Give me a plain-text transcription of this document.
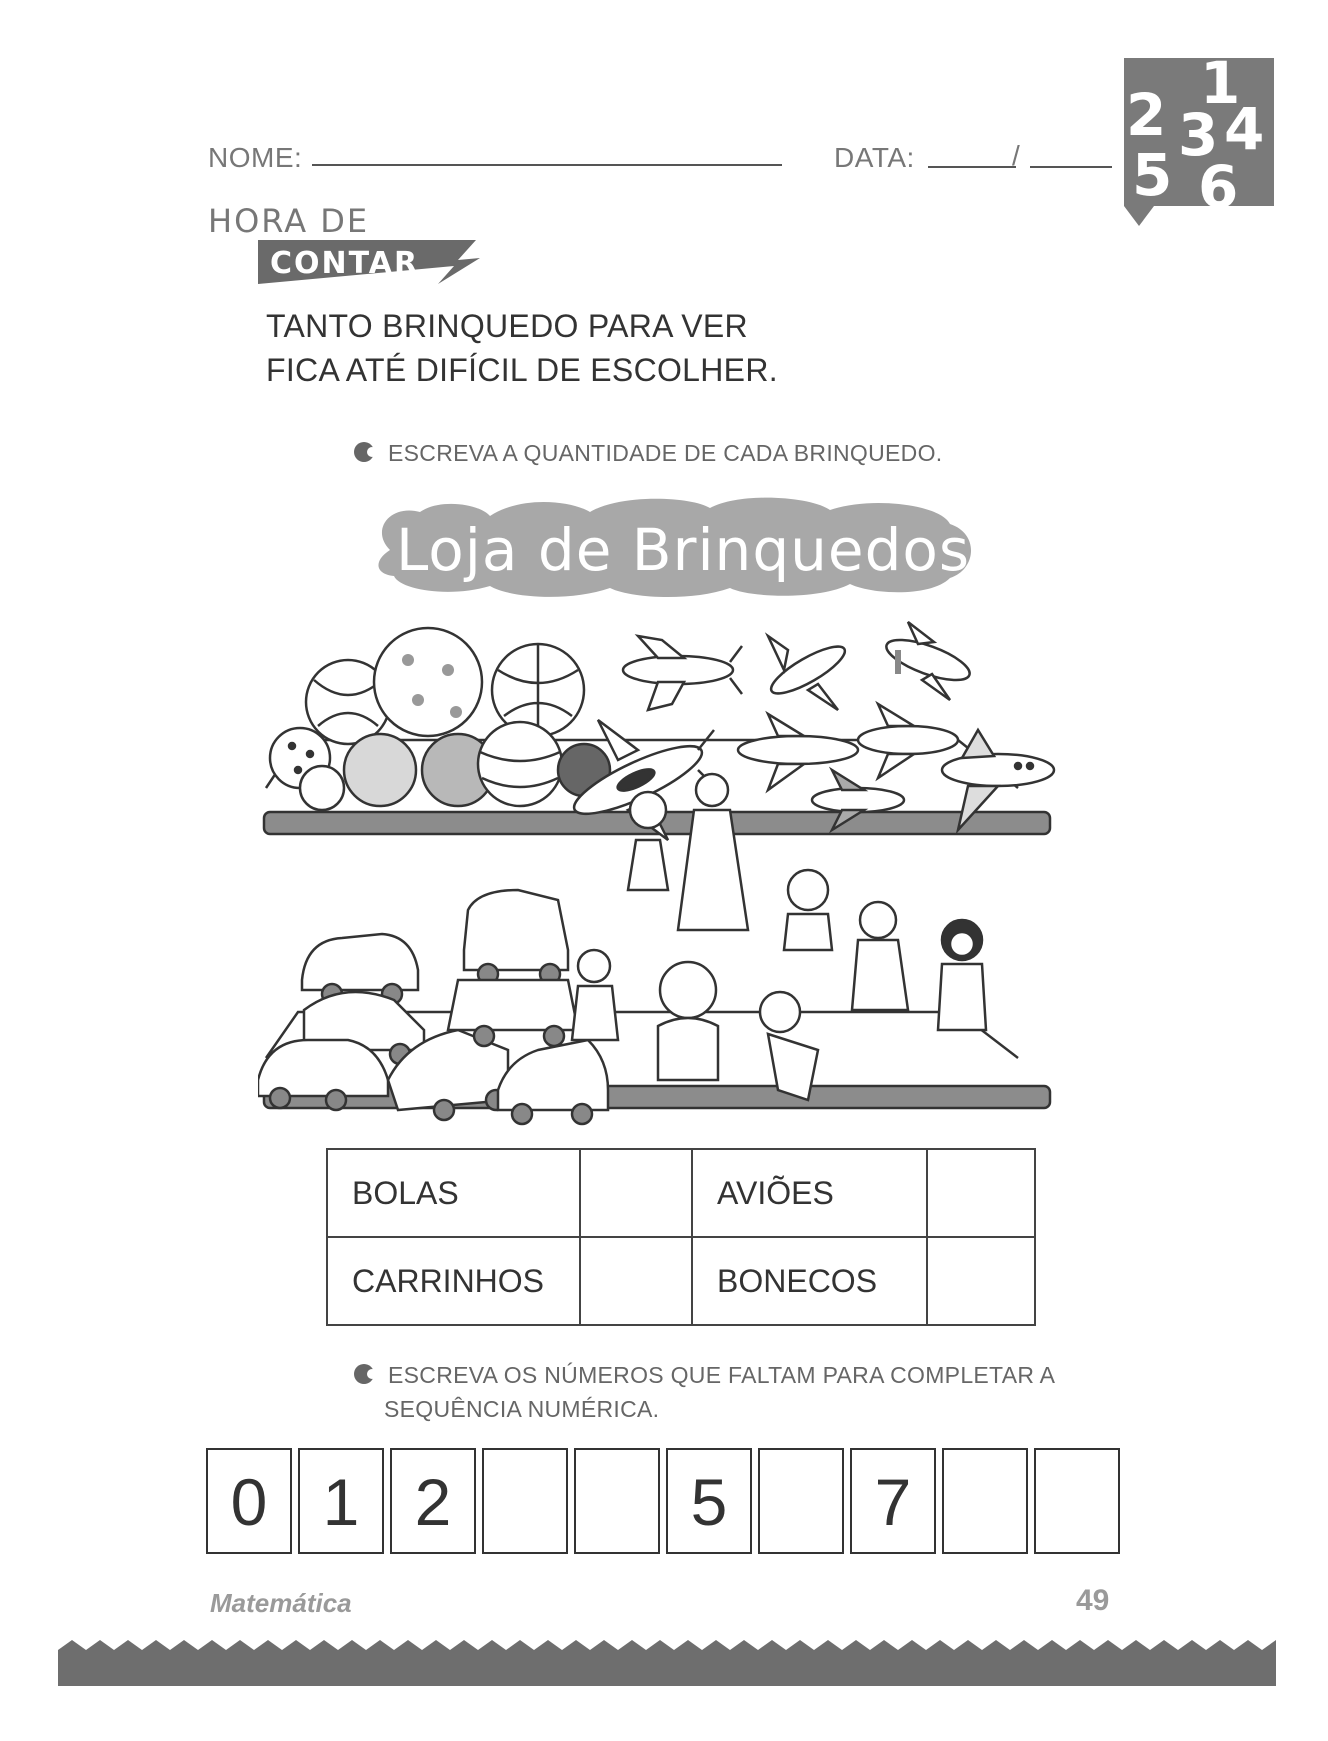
NOME:	DATA:	/
1
2 3 4
5 6
HORA DE
CONTAR
TANTO BRINQUEDO PARA VER
FICA ATÉ DIFÍCIL DE ESCOLHER.
ESCREVA A QUANTIDADE DE CADA BRINQUEDO.
Loja de Brinquedos
BOLAS		AVIÕES	
CARRINHOS		BONECOS	
ESCREVA OS NÚMEROS QUE FALTAM PARA COMPLETAR A
SEQUÊNCIA NUMÉRICA.
0 1 2	5	7
Matemática	49
